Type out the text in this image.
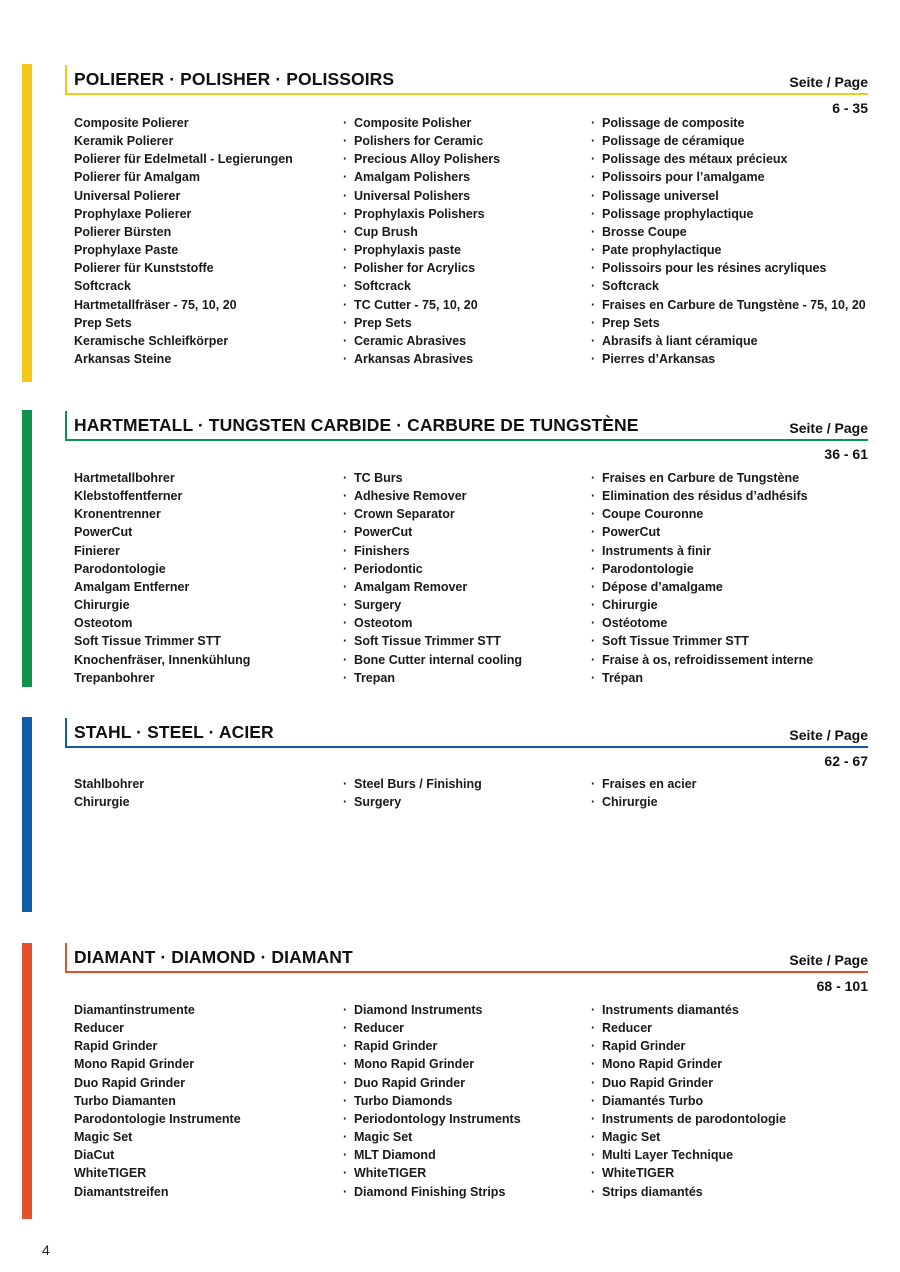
POLIERER · POLISHER · POLISSOIRS	Seite / Page
6 - 35
Composite Polierer	· Composite Polisher	· Polissage de composite
Keramik Polierer	· Polishers for Ceramic	· Polissage de céramique
Polierer für Edelmetall - Legierungen	· Precious Alloy Polishers	· Polissage des métaux précieux
Polierer für Amalgam	· Amalgam Polishers	· Polissoirs pour l’amalgame
Universal Polierer	· Universal Polishers	· Polissage universel
Prophylaxe Polierer	· Prophylaxis Polishers	· Polissage prophylactique
Polierer Bürsten	· Cup Brush	· Brosse Coupe
Prophylaxe Paste	· Prophylaxis paste	· Pate prophylactique
Polierer für Kunststoffe	· Polisher for Acrylics	· Polissoirs pour les résines acryliques
Softcrack	· Softcrack	· Softcrack
Hartmetallfräser - 75, 10, 20	· TC Cutter - 75, 10, 20	· Fraises en Carbure de Tungstène - 75, 10, 20
Prep Sets	· Prep Sets	· Prep Sets
Keramische Schleifkörper	· Ceramic Abrasives	· Abrasifs à liant céramique
Arkansas Steine	· Arkansas Abrasives	· Pierres d’Arkansas
HARTMETALL · TUNGSTEN CARBIDE · CARBURE DE TUNGSTÈNE	Seite / Page
36 - 61
Hartmetallbohrer	· TC Burs	· Fraises en Carbure de Tungstène
Klebstoffentferner	· Adhesive Remover	· Elimination des résidus d’adhésifs
Kronentrenner	· Crown Separator	· Coupe Couronne
PowerCut	· PowerCut	· PowerCut
Finierer	· Finishers	· Instruments à finir
Parodontologie	· Periodontic	· Parodontologie
Amalgam Entferner	· Amalgam Remover	· Dépose d’amalgame
Chirurgie	· Surgery	· Chirurgie
Osteotom	· Osteotom	· Ostéotome
Soft Tissue Trimmer STT	· Soft Tissue Trimmer STT	· Soft Tissue Trimmer STT
Knochenfräser, Innenkühlung	· Bone Cutter internal cooling	· Fraise à os, refroidissement interne
Trepanbohrer	· Trepan	· Trépan
STAHL · STEEL · ACIER	Seite / Page
62 - 67
Stahlbohrer	· Steel Burs / Finishing	· Fraises en acier
Chirurgie	· Surgery	· Chirurgie
DIAMANT · DIAMOND · DIAMANT	Seite / Page
68 - 101
Diamantinstrumente	· Diamond Instruments	· Instruments diamantés
Reducer	· Reducer	· Reducer
Rapid Grinder	· Rapid Grinder	· Rapid Grinder
Mono Rapid Grinder	· Mono Rapid Grinder	· Mono Rapid Grinder
Duo Rapid Grinder	· Duo Rapid Grinder	· Duo Rapid Grinder
Turbo Diamanten	· Turbo Diamonds	· Diamantés Turbo
Parodontologie Instrumente	· Periodontology Instruments	· Instruments de parodontologie
Magic Set	· Magic Set	· Magic Set
DiaCut	· MLT Diamond	· Multi Layer Technique
WhiteTIGER	· WhiteTIGER	· WhiteTIGER
Diamantstreifen	· Diamond Finishing Strips	· Strips diamantés
4
